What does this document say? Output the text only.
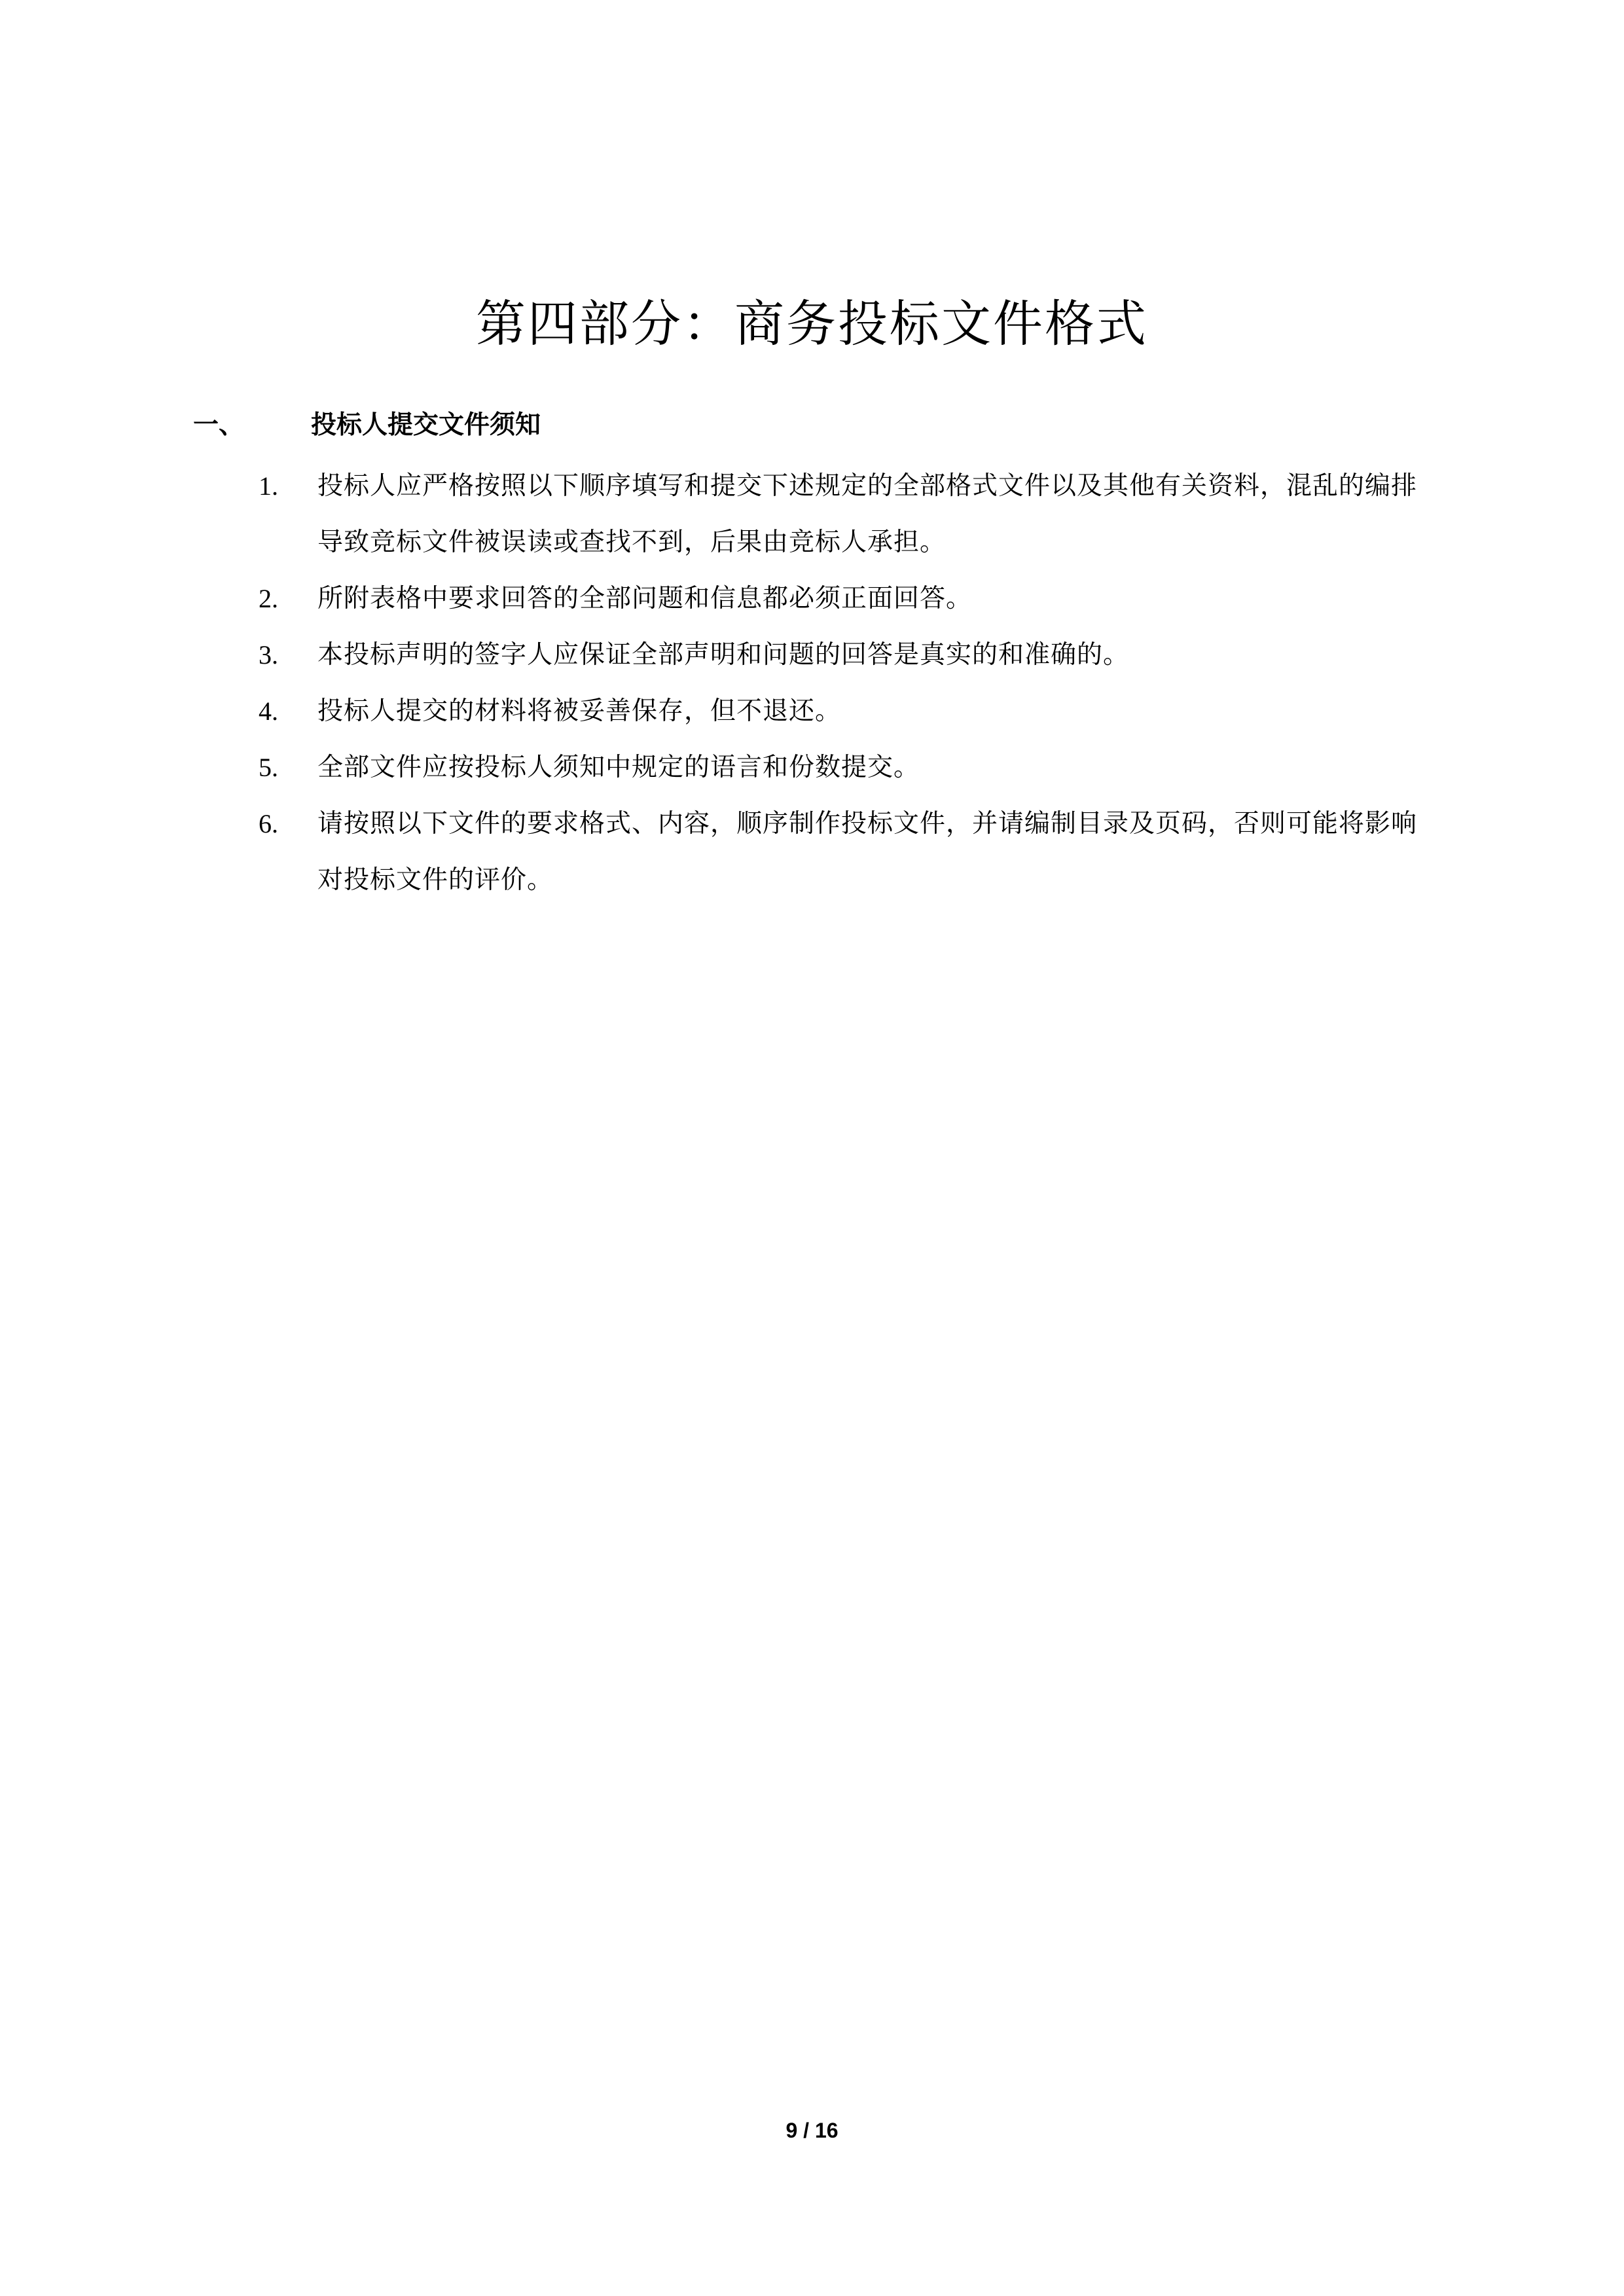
第四部分：商务投标文件格式
一、	投标人提交文件须知
1.	投标人应严格按照以下顺序填写和提交下述规定的全部格式文件以及其他有关资料，混乱的编排导致竞标文件被误读或查找不到，后果由竞标人承担。
2.	所附表格中要求回答的全部问题和信息都必须正面回答。
3.	本投标声明的签字人应保证全部声明和问题的回答是真实的和准确的。
4.	投标人提交的材料将被妥善保存，但不退还。
5.	全部文件应按投标人须知中规定的语言和份数提交。
6.	请按照以下文件的要求格式、内容，顺序制作投标文件，并请编制目录及页码，否则可能将影响对投标文件的评价。
9 / 16
